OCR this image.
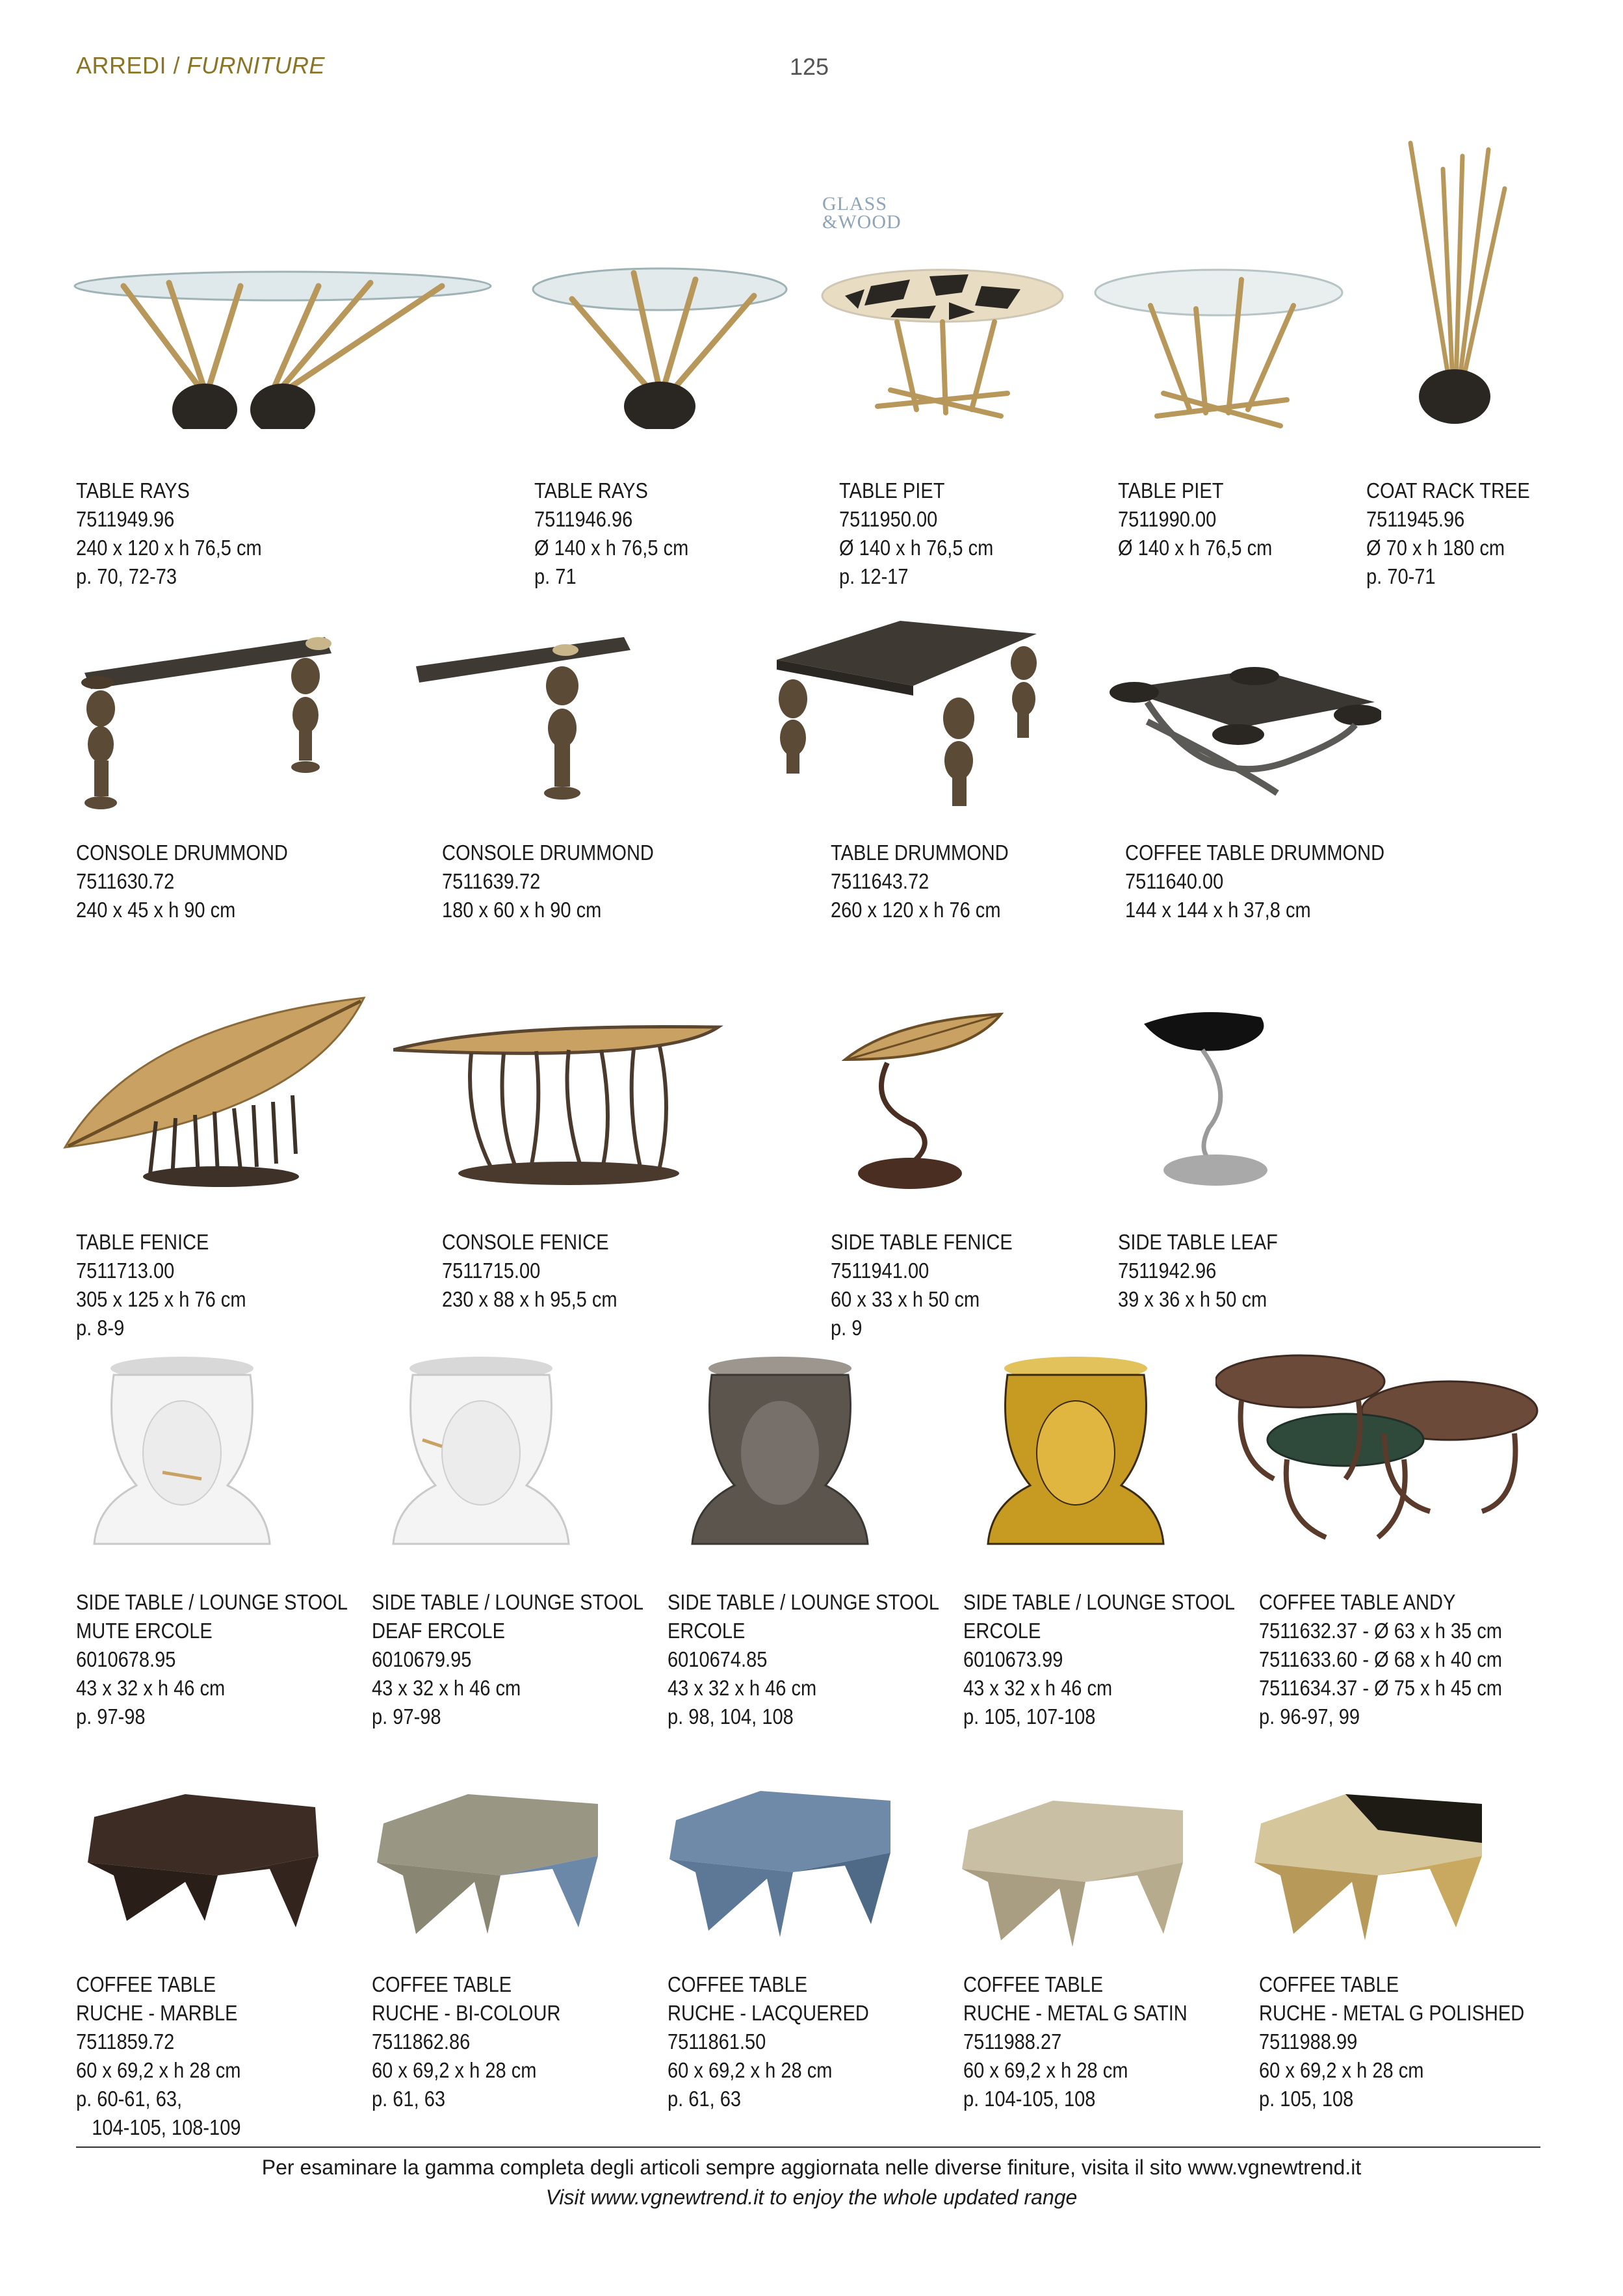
ARREDI / FURNITURE	125
GLASS
&WOOD
TABLE RAYS
7511949.96
240 x 120 x h 76,5 cm
p. 70, 72-73
TABLE RAYS
7511946.96
Ø 140 x h 76,5 cm
p. 71
TABLE PIET
7511950.00
Ø 140 x h 76,5 cm
p. 12-17
TABLE PIET
7511990.00
Ø 140 x h 76,5 cm
COAT RACK TREE
7511945.96
Ø 70 x h 180 cm
p. 70-71
CONSOLE DRUMMOND
7511630.72
240 x 45 x h 90 cm
CONSOLE DRUMMOND
7511639.72
180 x 60 x h 90 cm
TABLE DRUMMOND
7511643.72
260 x 120 x h 76 cm
COFFEE TABLE DRUMMOND
7511640.00
144 x 144 x h 37,8 cm
TABLE FENICE
7511713.00
305 x 125 x h 76 cm
p. 8-9
CONSOLE FENICE
7511715.00
230 x 88 x h 95,5 cm
SIDE TABLE FENICE
7511941.00
60 x 33 x h 50 cm
p. 9
SIDE TABLE LEAF
7511942.96
39 x 36 x h 50 cm
SIDE TABLE / LOUNGE STOOL
MUTE ERCOLE
6010678.95
43 x 32 x h 46 cm
p. 97-98
SIDE TABLE / LOUNGE STOOL
DEAF ERCOLE
6010679.95
43 x 32 x h 46 cm
p. 97-98
SIDE TABLE / LOUNGE STOOL
ERCOLE
6010674.85
43 x 32 x h 46 cm
p. 98, 104, 108
SIDE TABLE / LOUNGE STOOL
ERCOLE
6010673.99
43 x 32 x h 46 cm
p. 105, 107-108
COFFEE TABLE ANDY
7511632.37 - Ø 63 x h 35 cm
7511633.60 - Ø 68 x h 40 cm
7511634.37 - Ø 75 x h 45 cm
p. 96-97, 99
COFFEE TABLE
RUCHE - MARBLE
7511859.72
60 x 69,2 x h 28 cm
p. 60-61, 63,
104-105, 108-109
COFFEE TABLE
RUCHE - BI-COLOUR
7511862.86
60 x 69,2 x h 28 cm
p. 61, 63
COFFEE TABLE
RUCHE - LACQUERED
7511861.50
60 x 69,2 x h 28 cm
p. 61, 63
COFFEE TABLE
RUCHE - METAL G SATIN
7511988.27
60 x 69,2 x h 28 cm
p. 104-105, 108
COFFEE TABLE
RUCHE - METAL G POLISHED
7511988.99
60 x 69,2 x h 28 cm
p. 105, 108
Per esaminare la gamma completa degli articoli sempre aggiornata nelle diverse finiture, visita il sito www.vgnewtrend.it
Visit www.vgnewtrend.it to enjoy the whole updated range
